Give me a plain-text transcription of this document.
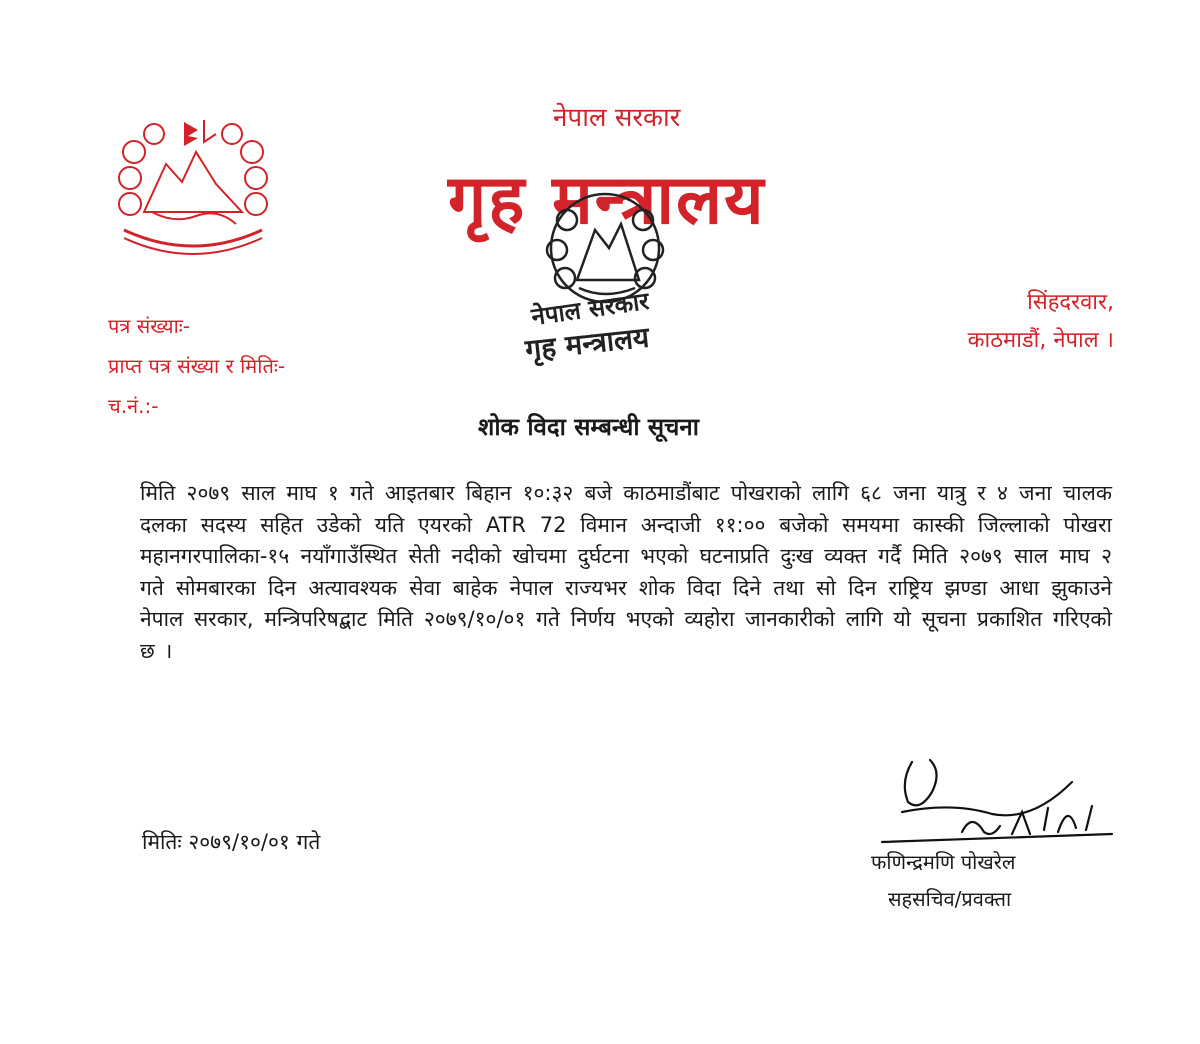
नेपाल सरकार
गृह मन्त्रालय
नेपाल सरकार
गृह मन्त्रालय
पत्र संख्याः-
प्राप्त पत्र संख्या र मितिः-
च.नं.:-
सिंहदरवार,
काठमाडौं, नेपाल ।
शोक विदा सम्बन्धी सूचना
मिति २०७९ साल माघ १ गते आइतबार बिहान १०:३२ बजे काठमाडौंबाट पोखराको लागि ६८ जना यात्रु र ४ जना चालक दलका सदस्य सहित उडेको यति एयरको ATR 72 विमान अन्दाजी ११:०० बजेको समयमा कास्की जिल्लाको पोखरा महानगरपालिका-१५ नयाँगाउँस्थित सेती नदीको खोचमा दुर्घटना भएको घटनाप्रति दुःख व्यक्त गर्दै मिति २०७९ साल माघ २ गते सोमबारका दिन अत्यावश्यक सेवा बाहेक नेपाल राज्यभर शोक विदा दिने तथा सो दिन राष्ट्रिय झण्डा आधा झुकाउने नेपाल सरकार, मन्त्रिपरिषद्बाट मिति २०७९/१०/०१ गते निर्णय भएको व्यहोरा जानकारीको लागि यो सूचना प्रकाशित गरिएको छ ।
मितिः २०७९/१०/०१ गते
फणिन्द्रमणि पोखरेल
सहसचिव/प्रवक्ता
